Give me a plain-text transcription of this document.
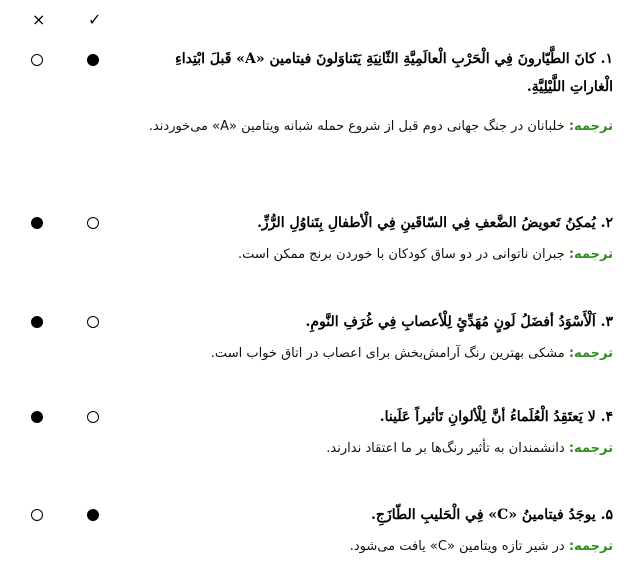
×	✓
۱. كانَ الطَّيّارونَ فِي الْحَرْبِ الْعالَمِيَّةِ الثّانِيَةِ يَتَناوَلونَ فيتامين «A» قَبلَ ابْتِداءِ الْغاراتِ اللَّيْلِيَّةِ.
ترجمه: خلبانان در جنگ جهانی دوم قبل از شروع حمله شبانه ویتامین «A» می‌خوردند.
۲. يُمكِنُ تَعويضُ الضَّعفِ فِي السّاقَينِ فِي الْأطفالِ بِتَناوُلِ الرُّزِّ.
ترجمه: جبران ناتوانی در دو ساق کودکان با خوردن برنج ممکن است.
۳. اَلْأَسْوَدُ أفضَلُ لَونٍ مُهَدِّئٍ لِلْأعصابِ فِي غُرَفِ النَّومِ.
ترجمه: مشکی بهترین رنگ آرامش‌بخش برای اعصاب در اتاق خواب است.
۴. لا يَعتَقِدُ الْعُلَماءُ أنَّ لِلْألوانِ تَأثيراً عَلَينا.
ترجمه: دانشمندان به تأثیر رنگ‌ها بر ما اعتقاد ندارند.
۵. يوجَدُ فيتامينُ «C» فِي الْحَليبِ الطّازَجِ.
ترجمه: در شیر تازه ویتامین «C» یافت می‌شود.
